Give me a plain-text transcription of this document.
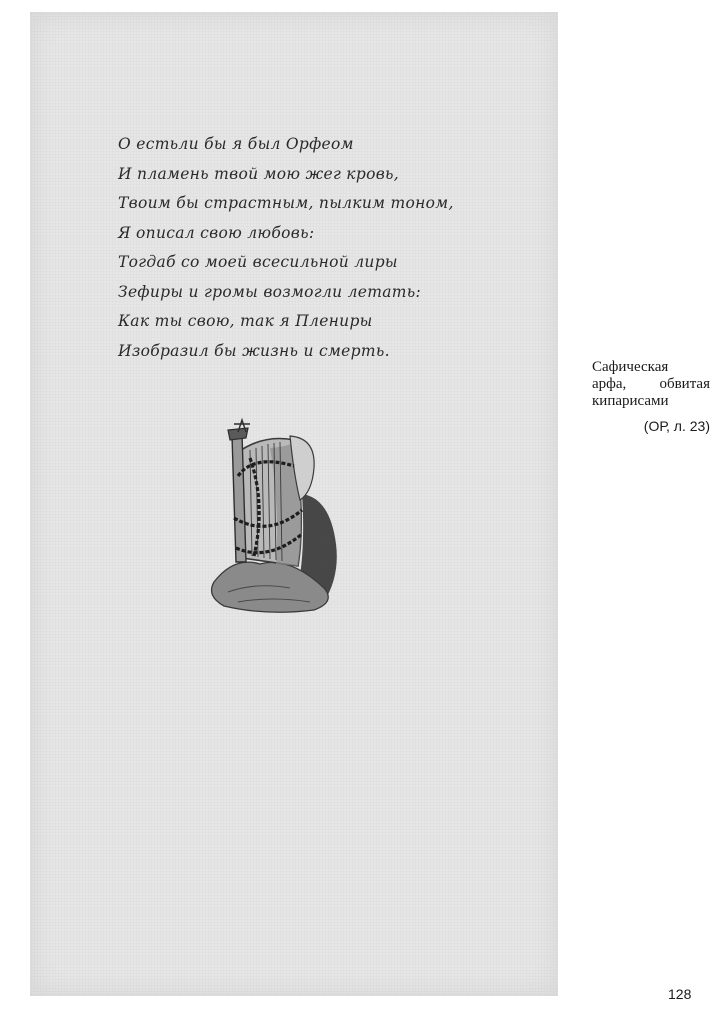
О естьли бы я был Орфеом
И пламень твой мою жег кровь,
Твоим бы страстным, пылким тоном,
Я описал свою любовь:
Тогдаб со моей всесильной лиры
Зефиры и громы возмогли летать:
Как ты свою, так я Плениры
Изобразил бы жизнь и смерть.
Сафическая
арфа, обвитая
кипарисами
(ОР, л. 23)
128
